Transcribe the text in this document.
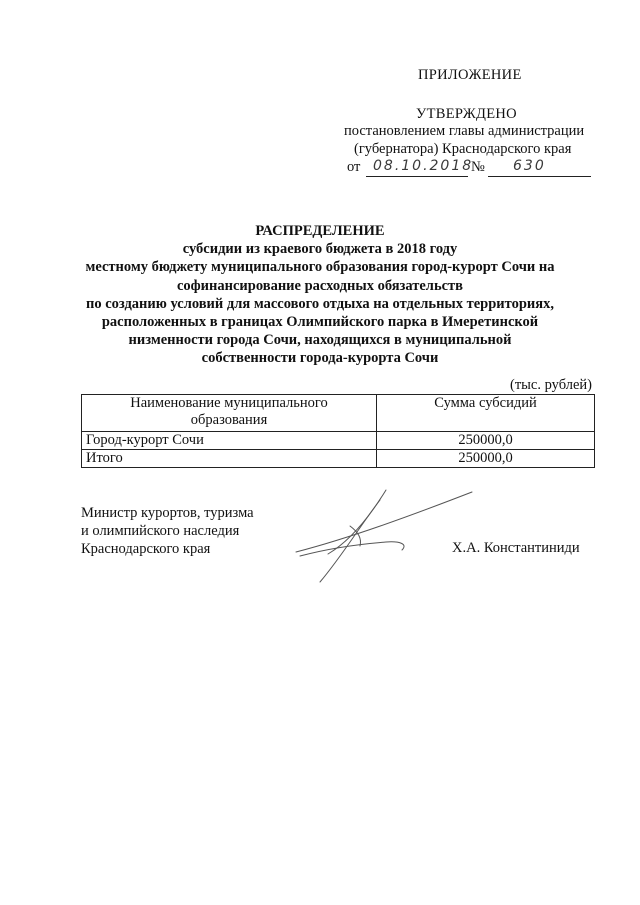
ПРИЛОЖЕНИЕ
УТВЕРЖДЕНО
постановлением главы администрации
(губернатора) Краснодарского края
от 08.10.2018
№ 630
РАСПРЕДЕЛЕНИЕ
субсидии из краевого бюджета в 2018 году
местному бюджету муниципального образования город-курорт Сочи на
софинансирование расходных обязательств
по созданию условий для массового отдыха на отдельных территориях,
расположенных в границах Олимпийского парка в Имеретинской
низменности города Сочи, находящихся в муниципальной
собственности города-курорта Сочи
(тыс. рублей)
Наименование муниципального
образования	Сумма субсидий
Город-курорт Сочи	250000,0
Итого	250000,0
Министр курортов, туризма
и олимпийского наследия
Краснодарского края	Х.А. Константиниди
